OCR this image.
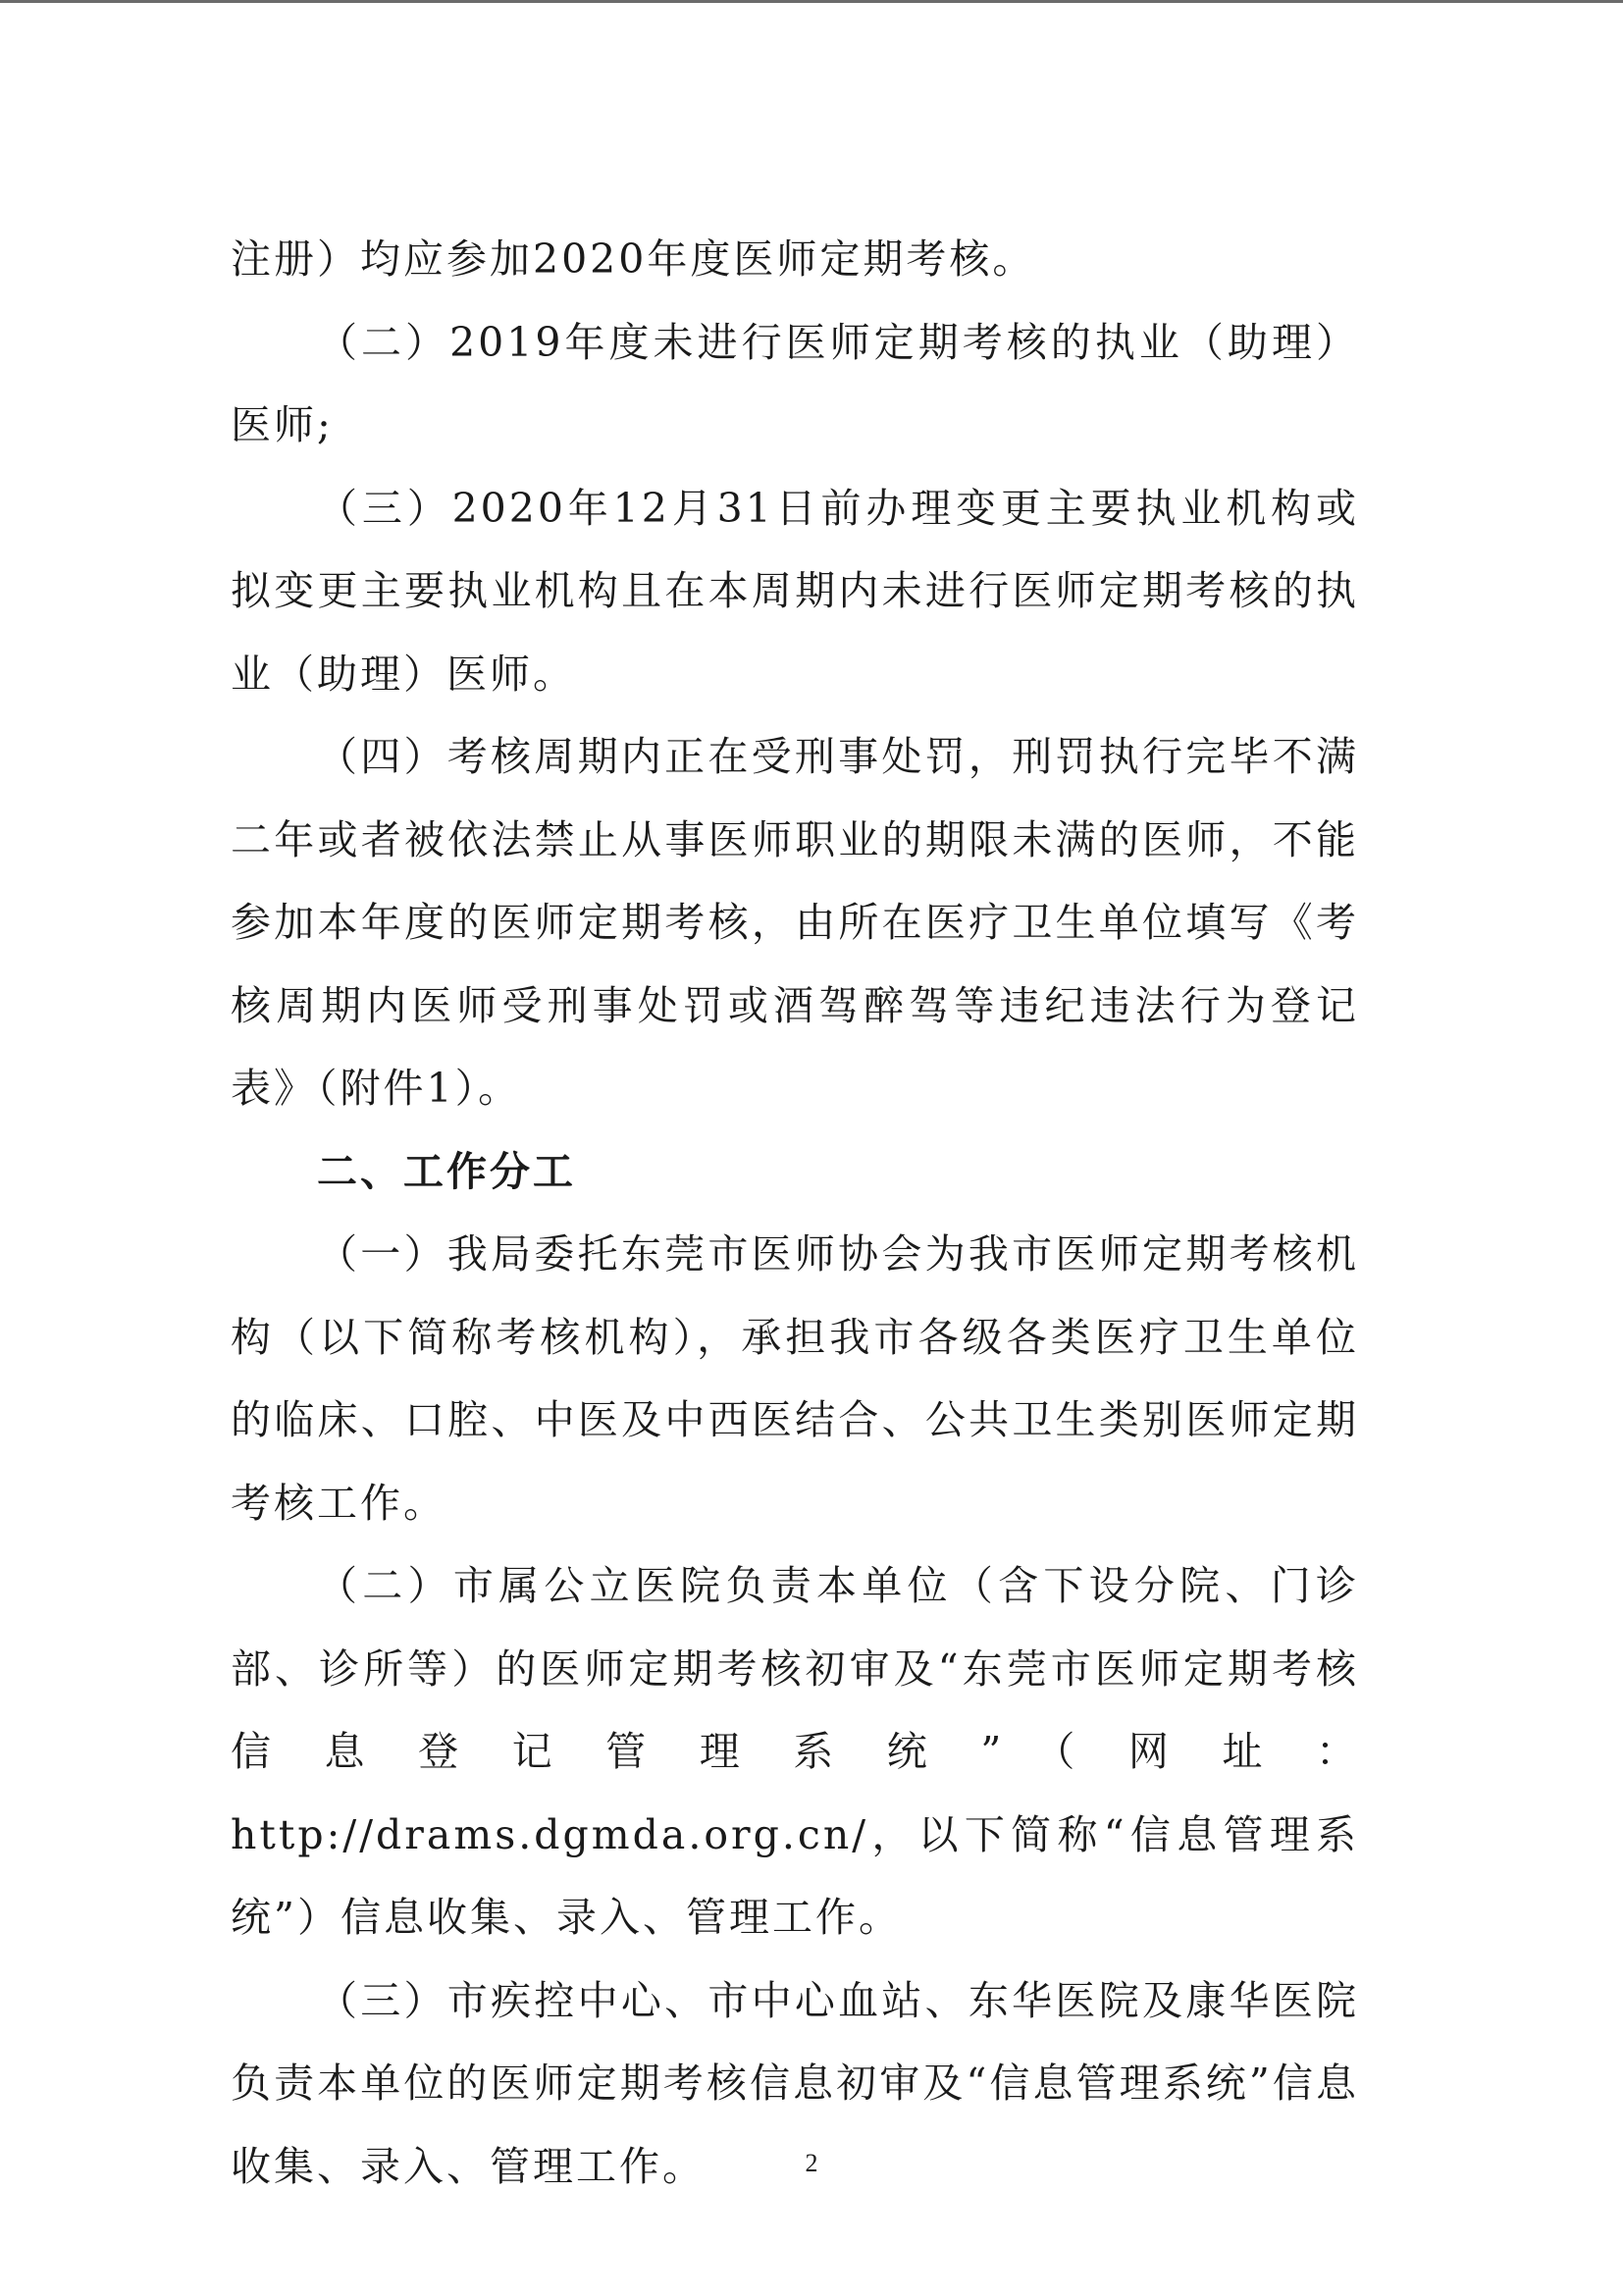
注册）均应参加2020年度医师定期考核。

（二）2019年度未进行医师定期考核的执业（助理）医师;

（三）2020年12月31日前办理变更主要执业机构或拟变更主要执业机构且在本周期内未进行医师定期考核的执业（助理）医师。

（四）考核周期内正在受刑事处罚，刑罚执行完毕不满二年或者被依法禁止从事医师职业的期限未满的医师，不能参加本年度的医师定期考核，由所在医疗卫生单位填写《考核周期内医师受刑事处罚或酒驾醉驾等违纪违法行为登记表》（附件1）。

二、工作分工

（一）我局委托东莞市医师协会为我市医师定期考核机构（以下简称考核机构），承担我市各级各类医疗卫生单位的临床、口腔、中医及中西医结合、公共卫生类别医师定期考核工作。

（二）市属公立医院负责本单位（含下设分院、门诊部、诊所等）的医师定期考核初审及“东莞市医师定期考核信息登记管理系统”（网址：http://drams.dgmda.org.cn/，以下简称“信息管理系统”）信息收集、录入、管理工作。

（三）市疾控中心、市中心血站、东华医院及康华医院负责本单位的医师定期考核信息初审及“信息管理系统”信息收集、录入、管理工作。	2
